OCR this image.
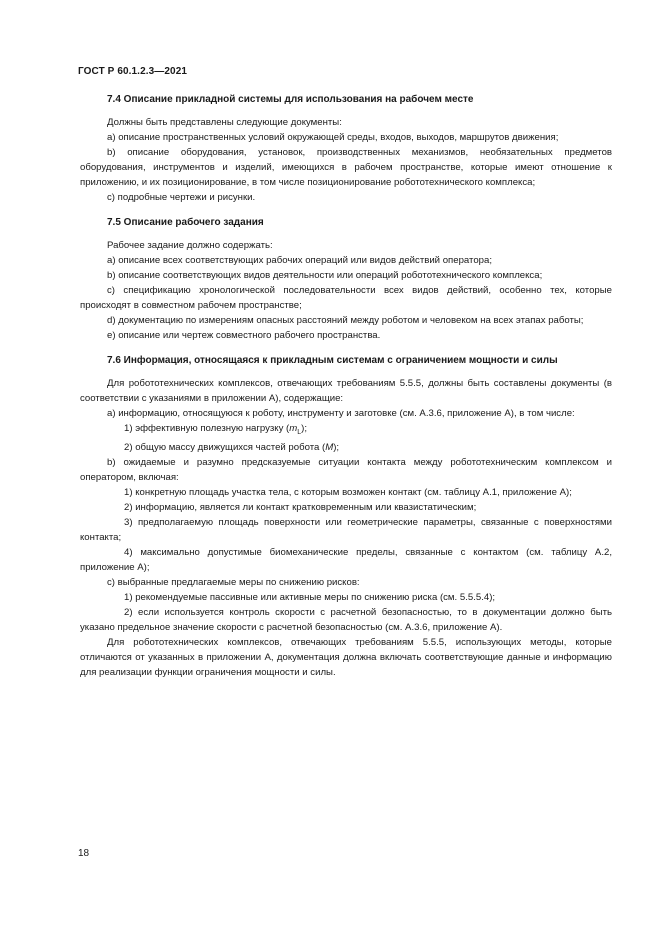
ГОСТ Р 60.1.2.3—2021
7.4 Описание прикладной системы для использования на рабочем месте

Должны быть представлены следующие документы:

a) описание пространственных условий окружающей среды, входов, выходов, маршрутов движения;

b) описание оборудования, установок, производственных механизмов, необязательных предметов оборудования, инструментов и изделий, имеющихся в рабочем пространстве, которые имеют отношение к приложению, и их позиционирование, в том числе позиционирование робототехнического комплекса;

c) подробные чертежи и рисунки.

7.5 Описание рабочего задания

Рабочее задание должно содержать:

a) описание всех соответствующих рабочих операций или видов действий оператора;

b) описание соответствующих видов деятельности или операций робототехнического комплекса;

c) спецификацию хронологической последовательности всех видов действий, особенно тех, которые происходят в совместном рабочем пространстве;

d) документацию по измерениям опасных расстояний между роботом и человеком на всех этапах работы;

e) описание или чертеж совместного рабочего пространства.

7.6 Информация, относящаяся к прикладным системам с ограничением мощности и силы

Для робототехнических комплексов, отвечающих требованиям 5.5.5, должны быть составлены документы (в соответствии с указаниями в приложении А), содержащие:

a) информацию, относящуюся к роботу, инструменту и заготовке (см. А.3.6, приложение А), в том числе:

1) эффективную полезную нагрузку $(m_L)$;

2) общую массу движущихся частей робота (M);

b) ожидаемые и разумно предсказуемые ситуации контакта между робототехническим комплексом и оператором, включая:

1) конкретную площадь участка тела, с которым возможен контакт (см. таблицу А.1, приложение А);

2) информацию, является ли контакт кратковременным или квазистатическим;

3) предполагаемую площадь поверхности или геометрические параметры, связанные с поверхностями контакта;

4) максимально допустимые биомеханические пределы, связанные с контактом (см. таблицу А.2, приложение А);

c) выбранные предлагаемые меры по снижению рисков:

1) рекомендуемые пассивные или активные меры по снижению риска (см. 5.5.5.4);

2) если используется контроль скорости с расчетной безопасностью, то в документации должно быть указано предельное значение скорости с расчетной безопасностью (см. А.3.6, приложение А).

Для робототехнических комплексов, отвечающих требованиям 5.5.5, использующих методы, которые отличаются от указанных в приложении А, документация должна включать соответствующие данные и информацию для реализации функции ограничения мощности и силы.

18
